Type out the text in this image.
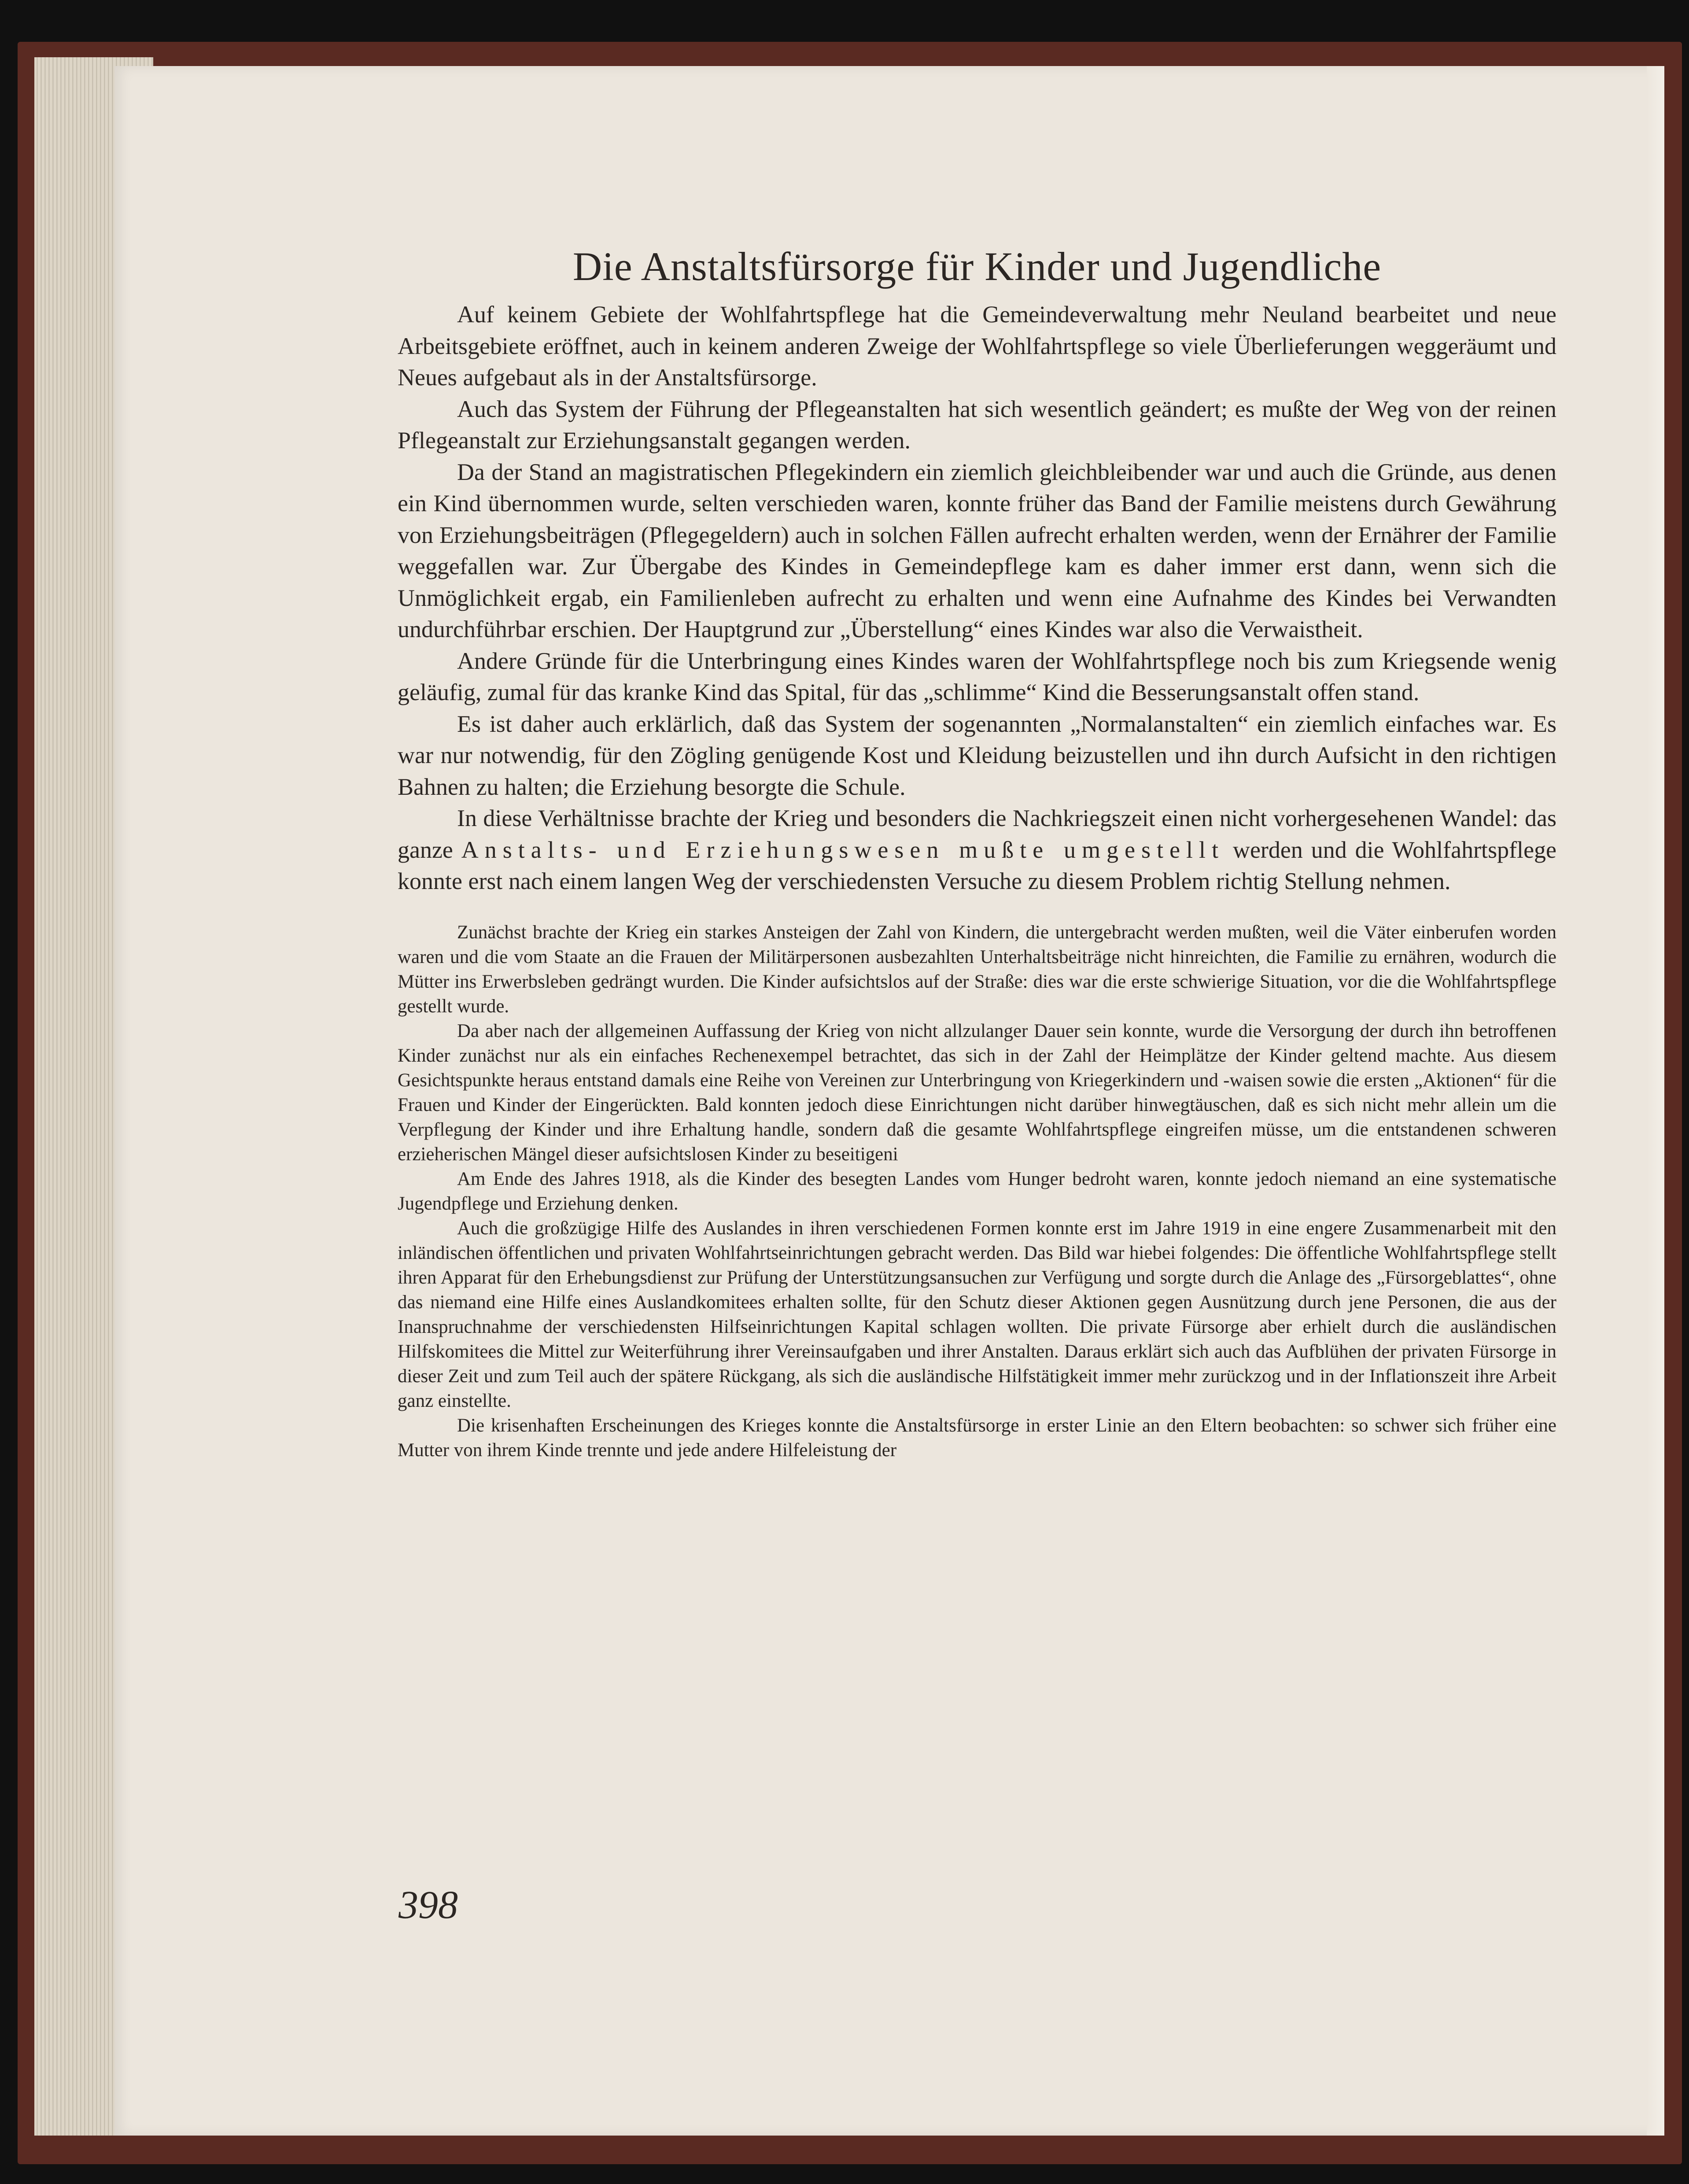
Die Anstaltsfürsorge für Kinder und Jugendliche

Auf keinem Gebiete der Wohlfahrtspflege hat die Gemeindeverwaltung mehr Neuland bearbeitet und neue Arbeitsgebiete eröffnet, auch in keinem anderen Zweige der Wohlfahrtspflege so viele Überlieferungen weggeräumt und Neues aufgebaut als in der Anstaltsfürsorge.

Auch das System der Führung der Pflegeanstalten hat sich wesentlich geändert; es mußte der Weg von der reinen Pflegeanstalt zur Erziehungsanstalt gegangen werden.

Da der Stand an magistratischen Pflegekindern ein ziemlich gleichbleibender war und auch die Gründe, aus denen ein Kind übernommen wurde, selten verschieden waren, konnte früher das Band der Familie meistens durch Gewährung von Erziehungsbeiträgen (Pflegegeldern) auch in solchen Fällen aufrecht erhalten werden, wenn der Ernährer der Familie weggefallen war. Zur Übergabe des Kindes in Gemeindepflege kam es daher immer erst dann, wenn sich die Unmöglichkeit ergab, ein Familienleben aufrecht zu erhalten und wenn eine Aufnahme des Kindes bei Verwandten undurchführbar erschien. Der Hauptgrund zur „Überstellung“ eines Kindes war also die Verwaistheit.

Andere Gründe für die Unterbringung eines Kindes waren der Wohlfahrtspflege noch bis zum Kriegsende wenig geläufig, zumal für das kranke Kind das Spital, für das „schlimme“ Kind die Besserungsanstalt offen stand.

Es ist daher auch erklärlich, daß das System der sogenannten „Normalanstalten“ ein ziemlich einfaches war. Es war nur notwendig, für den Zögling genügende Kost und Kleidung beizustellen und ihn durch Aufsicht in den richtigen Bahnen zu halten; die Erziehung besorgte die Schule.

In diese Verhältnisse brachte der Krieg und besonders die Nachkriegszeit einen nicht vorhergesehenen Wandel: das ganze Anstalts- und Erziehungswesen mußte umgestellt werden und die Wohlfahrtspflege konnte erst nach einem langen Weg der verschiedensten Versuche zu diesem Problem richtig Stellung nehmen.

Zunächst brachte der Krieg ein starkes Ansteigen der Zahl von Kindern, die untergebracht werden mußten, weil die Väter einberufen worden waren und die vom Staate an die Frauen der Militärpersonen ausbezahlten Unterhaltsbeiträge nicht hinreichten, die Familie zu ernähren, wodurch die Mütter ins Erwerbsleben gedrängt wurden. Die Kinder aufsichtslos auf der Straße: dies war die erste schwierige Situation, vor die die Wohlfahrtspflege gestellt wurde.

Da aber nach der allgemeinen Auffassung der Krieg von nicht allzulanger Dauer sein konnte, wurde die Versorgung der durch ihn betroffenen Kinder zunächst nur als ein einfaches Rechenexempel betrachtet, das sich in der Zahl der Heimplätze der Kinder geltend machte. Aus diesem Gesichtspunkte heraus entstand damals eine Reihe von Vereinen zur Unterbringung von Kriegerkindern und -waisen sowie die ersten „Aktionen“ für die Frauen und Kinder der Eingerückten. Bald konnten jedoch diese Einrichtungen nicht darüber hinwegtäuschen, daß es sich nicht mehr allein um die Verpflegung der Kinder und ihre Erhaltung handle, sondern daß die gesamte Wohlfahrtspflege eingreifen müsse, um die entstandenen schweren erzieherischen Mängel dieser aufsichtslosen Kinder zu beseitigeni

Am Ende des Jahres 1918, als die Kinder des besegten Landes vom Hunger bedroht waren, konnte jedoch niemand an eine systematische Jugendpflege und Erziehung denken.

Auch die großzügige Hilfe des Auslandes in ihren verschiedenen Formen konnte erst im Jahre 1919 in eine engere Zusammenarbeit mit den inländischen öffentlichen und privaten Wohlfahrtseinrichtungen gebracht werden. Das Bild war hiebei folgendes: Die öffentliche Wohlfahrtspflege stellt ihren Apparat für den Erhebungsdienst zur Prüfung der Unterstützungsansuchen zur Verfügung und sorgte durch die Anlage des „Fürsorgeblattes“, ohne das niemand eine Hilfe eines Auslandkomitees erhalten sollte, für den Schutz dieser Aktionen gegen Ausnützung durch jene Personen, die aus der Inanspruchnahme der verschiedensten Hilfseinrichtungen Kapital schlagen wollten. Die private Fürsorge aber erhielt durch die ausländischen Hilfskomitees die Mittel zur Weiterführung ihrer Vereinsaufgaben und ihrer Anstalten. Daraus erklärt sich auch das Aufblühen der privaten Fürsorge in dieser Zeit und zum Teil auch der spätere Rückgang, als sich die ausländische Hilfstätigkeit immer mehr zurückzog und in der Inflationszeit ihre Arbeit ganz einstellte.

Die krisenhaften Erscheinungen des Krieges konnte die Anstaltsfürsorge in erster Linie an den Eltern beobachten: so schwer sich früher eine Mutter von ihrem Kinde trennte und jede andere Hilfeleistung der

398
